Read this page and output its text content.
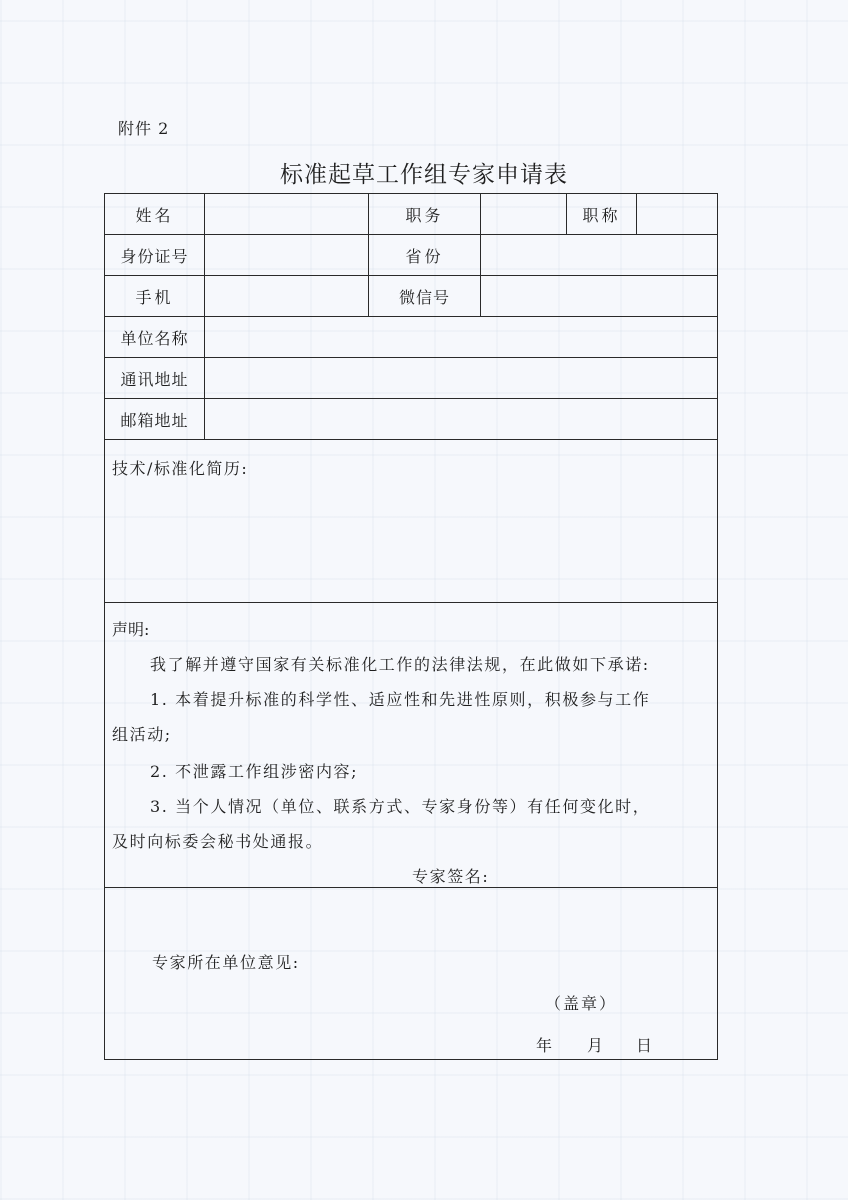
附件 2
标准起草工作组专家申请表
姓名		职务		职称	
身份证号		省份			
手机		微信号			
单位名称					
通讯地址					
邮箱地址					

技术/标准化简历:
声明:
我了解并遵守国家有关标准化工作的法律法规，在此做如下承诺:
1. 本着提升标准的科学性、适应性和先进性原则，积极参与工作
组活动;
2. 不泄露工作组涉密内容;
3. 当个人情况（单位、联系方式、专家身份等）有任何变化时，
及时向标委会秘书处通报。
专家签名:
专家所在单位意见:
（盖章）
年 月 日
